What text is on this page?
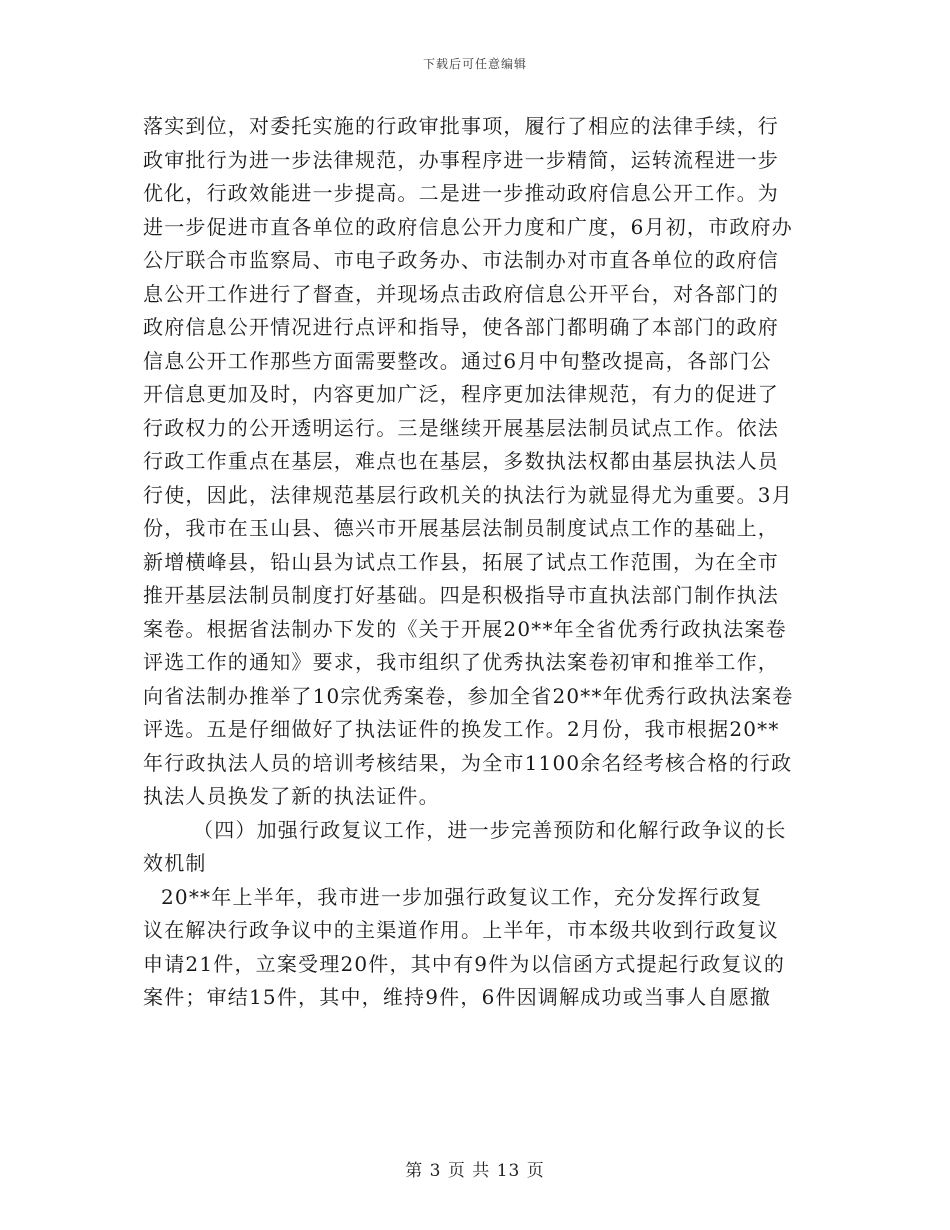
下载后可任意编辑

落实到位，对委托实施的行政审批事项，履行了相应的法律手续，行
政审批行为进一步法律规范，办事程序进一步精简，运转流程进一步
优化，行政效能进一步提高。二是进一步推动政府信息公开工作。为
进一步促进市直各单位的政府信息公开力度和广度，6月初，市政府办
公厅联合市监察局、市电子政务办、市法制办对市直各单位的政府信
息公开工作进行了督查，并现场点击政府信息公开平台，对各部门的
政府信息公开情况进行点评和指导，使各部门都明确了本部门的政府
信息公开工作那些方面需要整改。通过6月中旬整改提高，各部门公
开信息更加及时，内容更加广泛，程序更加法律规范，有力的促进了
行政权力的公开透明运行。三是继续开展基层法制员试点工作。依法
行政工作重点在基层，难点也在基层，多数执法权都由基层执法人员
行使，因此，法律规范基层行政机关的执法行为就显得尤为重要。3月
份，我市在玉山县、德兴市开展基层法制员制度试点工作的基础上，
新增横峰县，铅山县为试点工作县，拓展了试点工作范围，为在全市
推开基层法制员制度打好基础。四是积极指导市直执法部门制作执法
案卷。根据省法制办下发的《关于开展20**年全省优秀行政执法案卷
评选工作的通知》要求，我市组织了优秀执法案卷初审和推举工作，
向省法制办推举了10宗优秀案卷，参加全省20**年优秀行政执法案卷
评选。五是仔细做好了执法证件的换发工作。2月份，我市根据20**
年行政执法人员的培训考核结果，为全市1100余名经考核合格的行政
执法人员换发了新的执法证件。

（四）加强行政复议工作，进一步完善预防和化解行政争议的长
效机制

20**年上半年，我市进一步加强行政复议工作，充分发挥行政复
议在解决行政争议中的主渠道作用。上半年，市本级共收到行政复议
申请21件，立案受理20件，其中有9件为以信函方式提起行政复议的
案件；审结15件，其中，维持9件，6件因调解成功或当事人自愿撤

第 3 页 共 13 页
